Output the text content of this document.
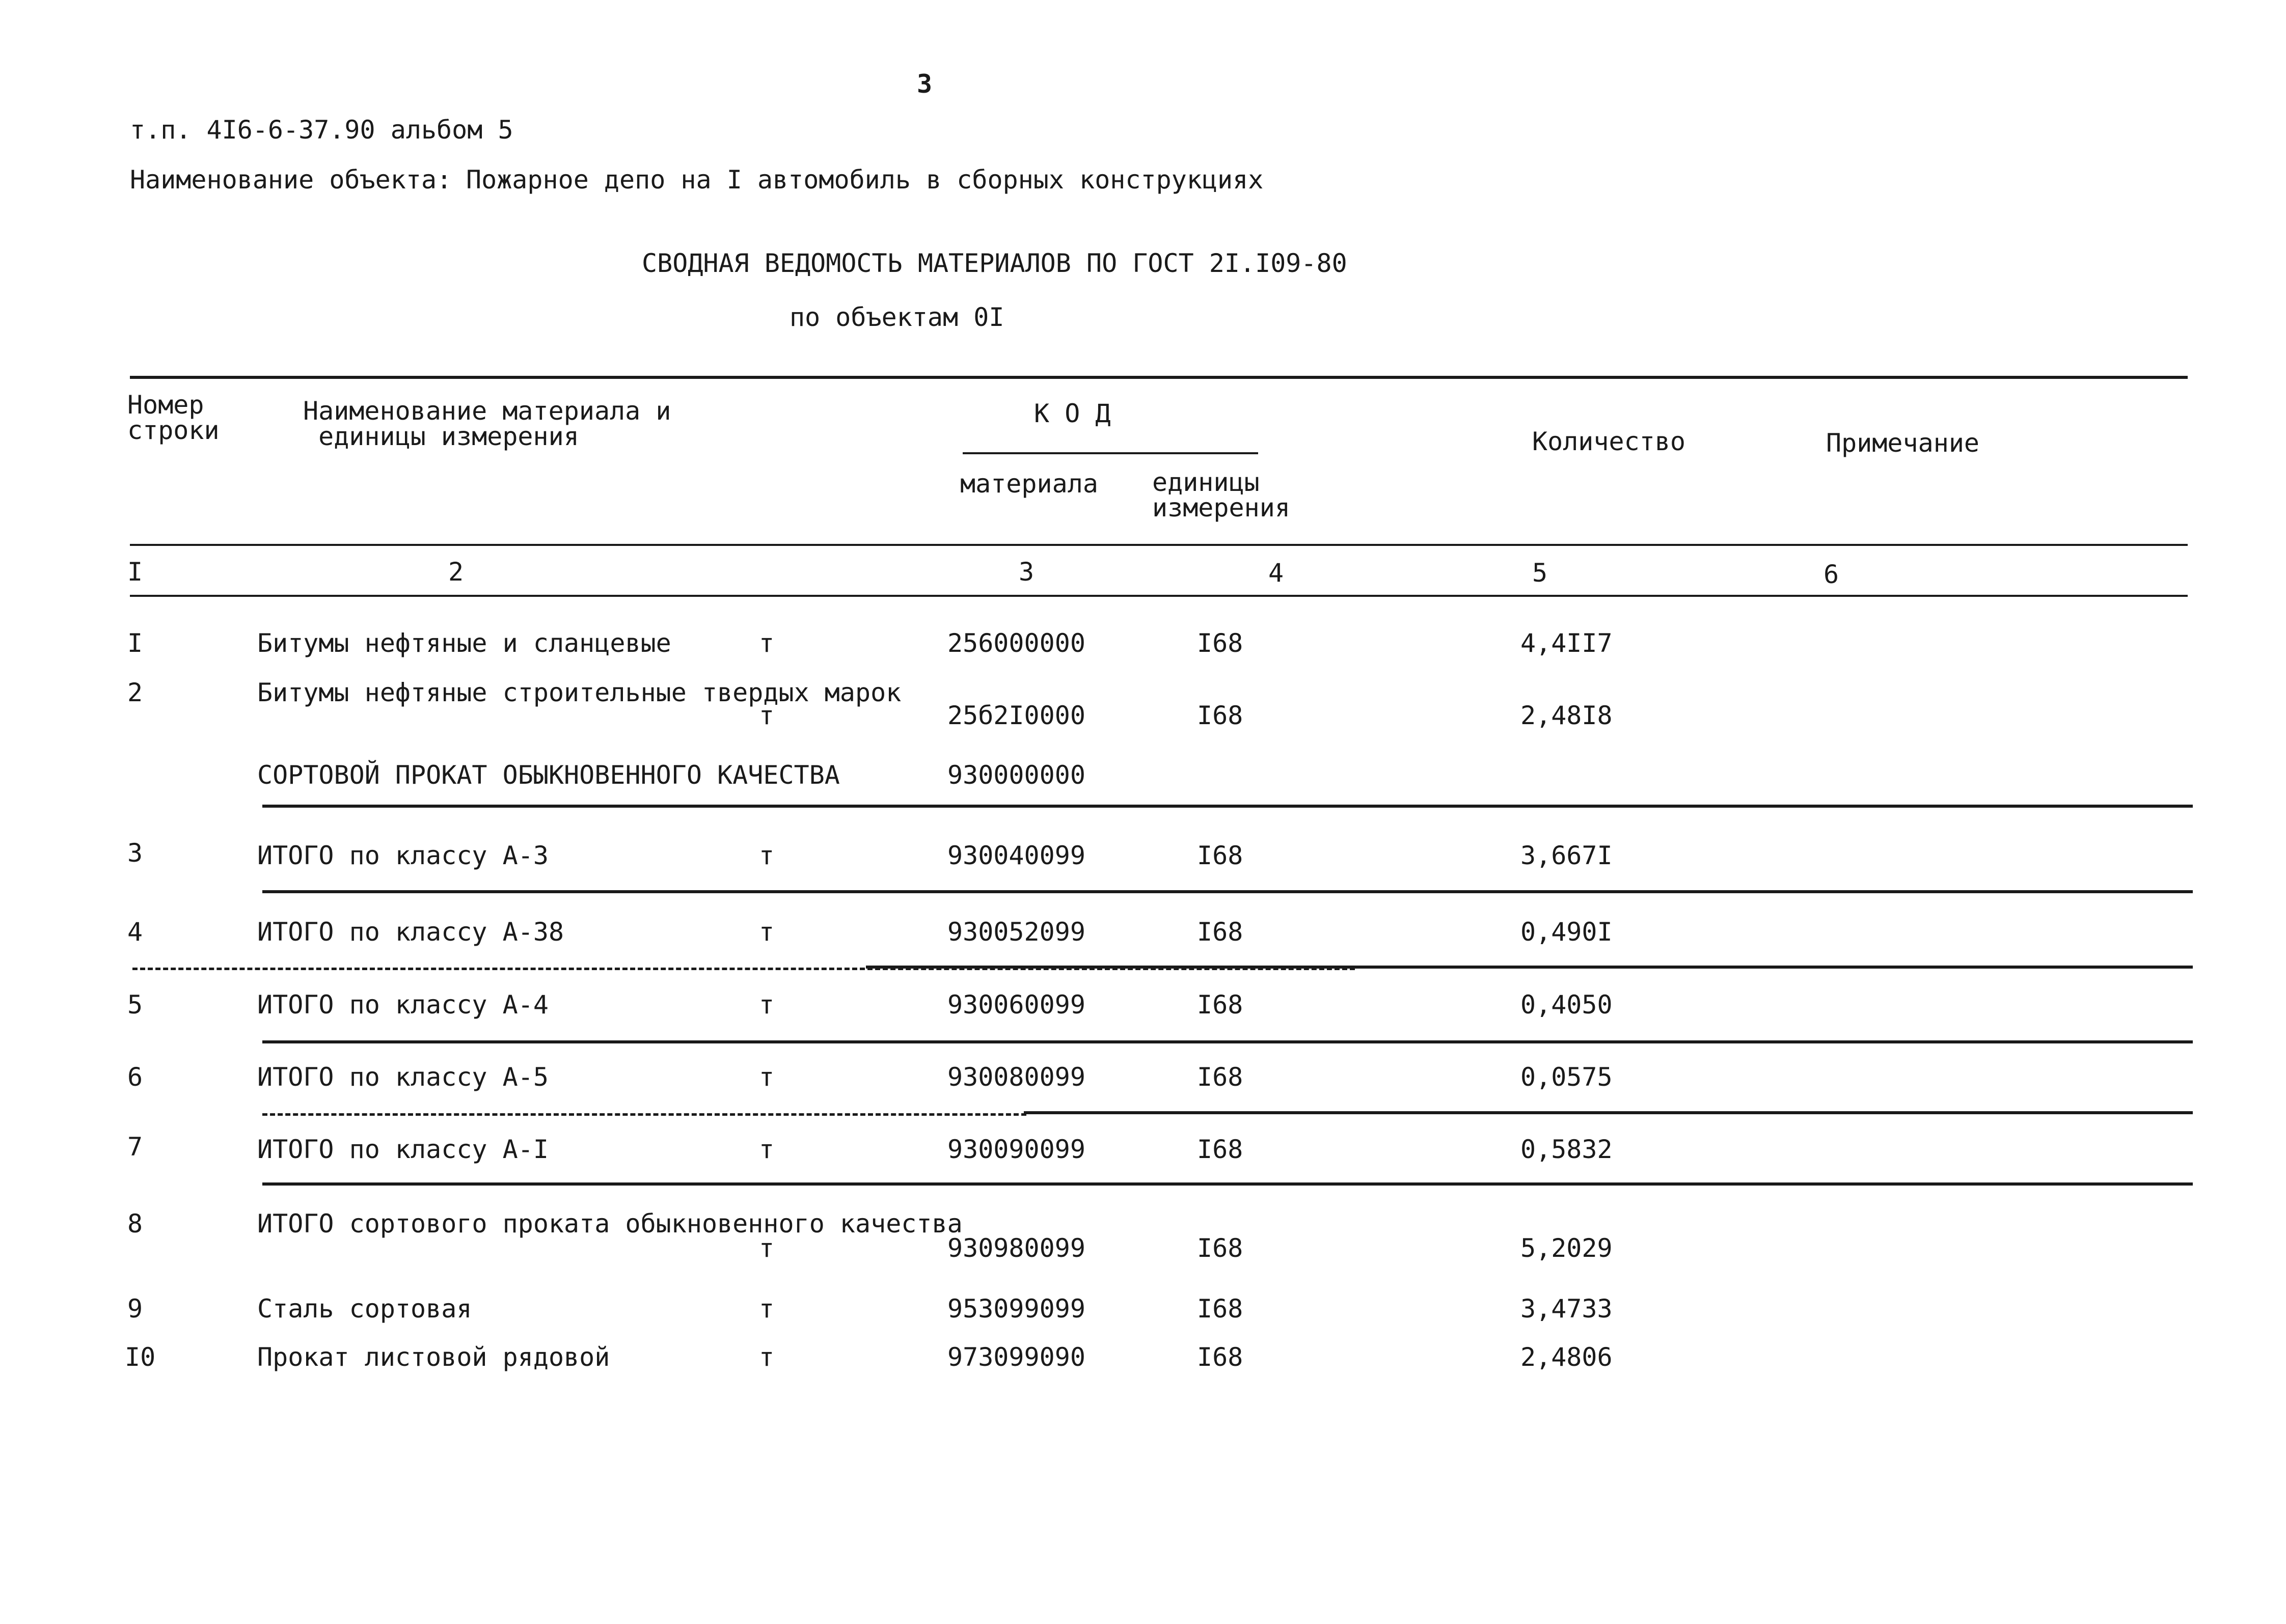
3
т.п. 4I6-6-37.90 альбом 5
Наименование объекта: Пожарное депо на I автомобиль в сборных конструкциях
СВОДНАЯ ВЕДОМОСТЬ МАТЕРИАЛОВ ПО ГОСТ 2I.I09-80
по объектам 0I
Номер
строки
Наименование материала и
единицы измерения
К О Д
материала единицы
измерения
Количество	Примечание
I	2	3	4	5	6
I	Битумы нефтяные и сланцевые	т	256000000	I68	4,4II7
2	Битумы нефтяные строительные твердых марок
т	25б2I0000	I68	2,48I8
СОРТОВОЙ ПРОКАТ ОБЫКНОВЕННОГО КАЧЕСТВА	930000000
3	ИТОГО по классу А-3	т	930040099	I68	3,667I
4	ИТОГО по классу А-38	т	930052099	I68	0,490I
5	ИТОГО по классу А-4	т	930060099	I68	0,4050
6	ИТОГО по классу А-5	т	930080099	I68	0,0575
7	ИТОГО по классу А-I	т	930090099	I68	0,5832
8	ИТОГО сортового проката обыкновенного качества
т	930980099	I68	5,2029
9	Сталь сортовая	т	953099099	I68	3,4733
I0	Прокат листовой рядовой	т	973099090	I68	2,4806
